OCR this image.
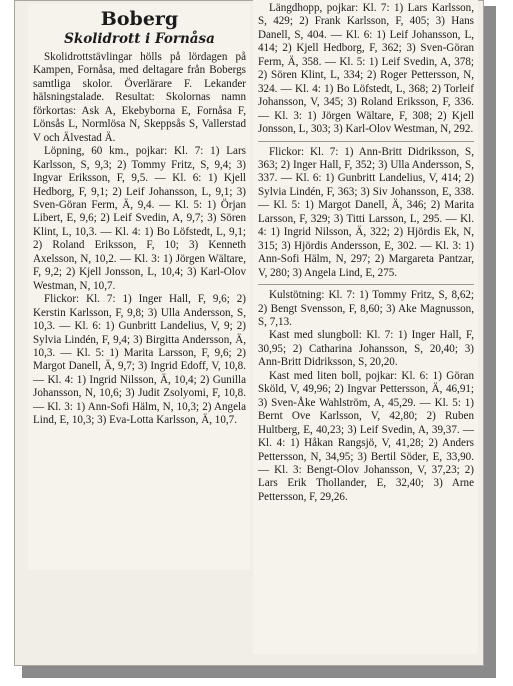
Boberg
Skolidrott i Fornåsa

Skolidrottstävlingar hölls på lördagen på Kampen, Fornåsa, med deltagare från Bobergs samtliga skolor. Överlärare F. Lekander hälsningstalade. Resultat: Skolornas namn förkortas: Ask A, Ekebyborna E, Fornåsa F, Lönsås L, Normlösa N, Skeppsås S, Vallerstad V och Älvestad Ä.

Löpning, 60 km., pojkar: Kl. 7: 1) Lars Karlsson, S, 9,3; 2) Tommy Fritz, S, 9,4; 3) Ingvar Eriksson, F, 9,5. — Kl. 6: 1) Kjell Hedborg, F, 9,1; 2) Leif Johansson, L, 9,1; 3) Sven-Göran Ferm, Ä, 9,4. — Kl. 5: 1) Örjan Libert, E, 9,6; 2) Leif Svedin, A, 9,7; 3) Sören Klint, L, 10,3. — Kl. 4: 1) Bo Löfstedt, L, 9,1; 2) Roland Eriksson, F, 10; 3) Kenneth Axelsson, N, 10,2. — Kl. 3: 1) Jörgen Wältare, F, 9,2; 2) Kjell Jonsson, L, 10,4; 3) Karl-Olov Westman, N, 10,7.

Flickor: Kl. 7: 1) Inger Hall, F, 9,6; 2) Kerstin Karlsson, F, 9,8; 3) Ulla Andersson, S, 10,3. — Kl. 6: 1) Gunbritt Landelius, V, 9; 2) Sylvia Lindén, F, 9,4; 3) Birgitta Andersson, Ä, 10,3. — Kl. 5: 1) Marita Larsson, F, 9,6; 2) Margot Danell, Ä, 9,7; 3) Ingrid Edoff, V, 10,8. — Kl. 4: 1) Ingrid Nilsson, Ä, 10,4; 2) Gunilla Johansson, N, 10,6; 3) Judit Zsolyomi, F, 10,8. — Kl. 3: 1) Ann-Sofi Hälm, N, 10,3; 2) Angela Lind, E, 10,3; 3) Eva-Lotta Karlsson, Ä, 10,7.

Längdhopp, pojkar: Kl. 7: 1) Lars Karlsson, S, 429; 2) Frank Karlsson, F, 405; 3) Hans Danell, S, 404. — Kl. 6: 1) Leif Johansson, L, 414; 2) Kjell Hedborg, F, 362; 3) Sven-Göran Ferm, Ä, 358. — Kl. 5: 1) Leif Svedin, A, 378; 2) Sören Klint, L, 334; 2) Roger Pettersson, N, 324. — Kl. 4: 1) Bo Löfstedt, L, 368; 2) Torleif Johansson, V, 345; 3) Roland Eriksson, F, 336. — Kl. 3: 1) Jörgen Wältare, F, 308; 2) Kjell Jonsson, L, 303; 3) Karl-Olov Westman, N, 292.

Flickor: Kl. 7: 1) Ann-Britt Didriksson, S, 363; 2) Inger Hall, F, 352; 3) Ulla Andersson, S, 337. — Kl. 6: 1) Gunbritt Landelius, V, 414; 2) Sylvia Lindén, F, 363; 3) Siv Johansson, E, 338. — Kl. 5: 1) Margot Danell, Ä, 346; 2) Marita Larsson, F, 329; 3) Titti Larsson, L, 295. — Kl. 4: 1) Ingrid Nilsson, Ä, 322; 2) Hjördis Ek, N, 315; 3) Hjördis Andersson, E, 302. — Kl. 3: 1) Ann-Sofi Hälm, N, 297; 2) Margareta Pantzar, V, 280; 3) Angela Lind, E, 275.

Kulstötning: Kl. 7: 1) Tommy Fritz, S, 8,62; 2) Bengt Svensson, F, 8,60; 3) Ake Magnusson, S, 7,13.

Kast med slungboll: Kl. 7: 1) Inger Hall, F, 30,95; 2) Catharina Johansson, S, 20,40; 3) Ann-Britt Didriksson, S, 20,20.

Kast med liten boll, pojkar: Kl. 6: 1) Göran Sköld, V, 49,96; 2) Ingvar Pettersson, Ä, 46,91; 3) Sven-Åke Wahlström, A, 45,29. — Kl. 5: 1) Bernt Ove Karlsson, V, 42,80; 2) Ruben Hultberg, E, 40,23; 3) Leif Svedin, A, 39,37. — Kl. 4: 1) Håkan Rangsjö, V, 41,28; 2) Anders Pettersson, N, 34,95; 3) Bertil Söder, E, 33,90. — Kl. 3: Bengt-Olov Johansson, V, 37,23; 2) Lars Erik Thollander, E, 32,40; 3) Arne Pettersson, F, 29,26.
